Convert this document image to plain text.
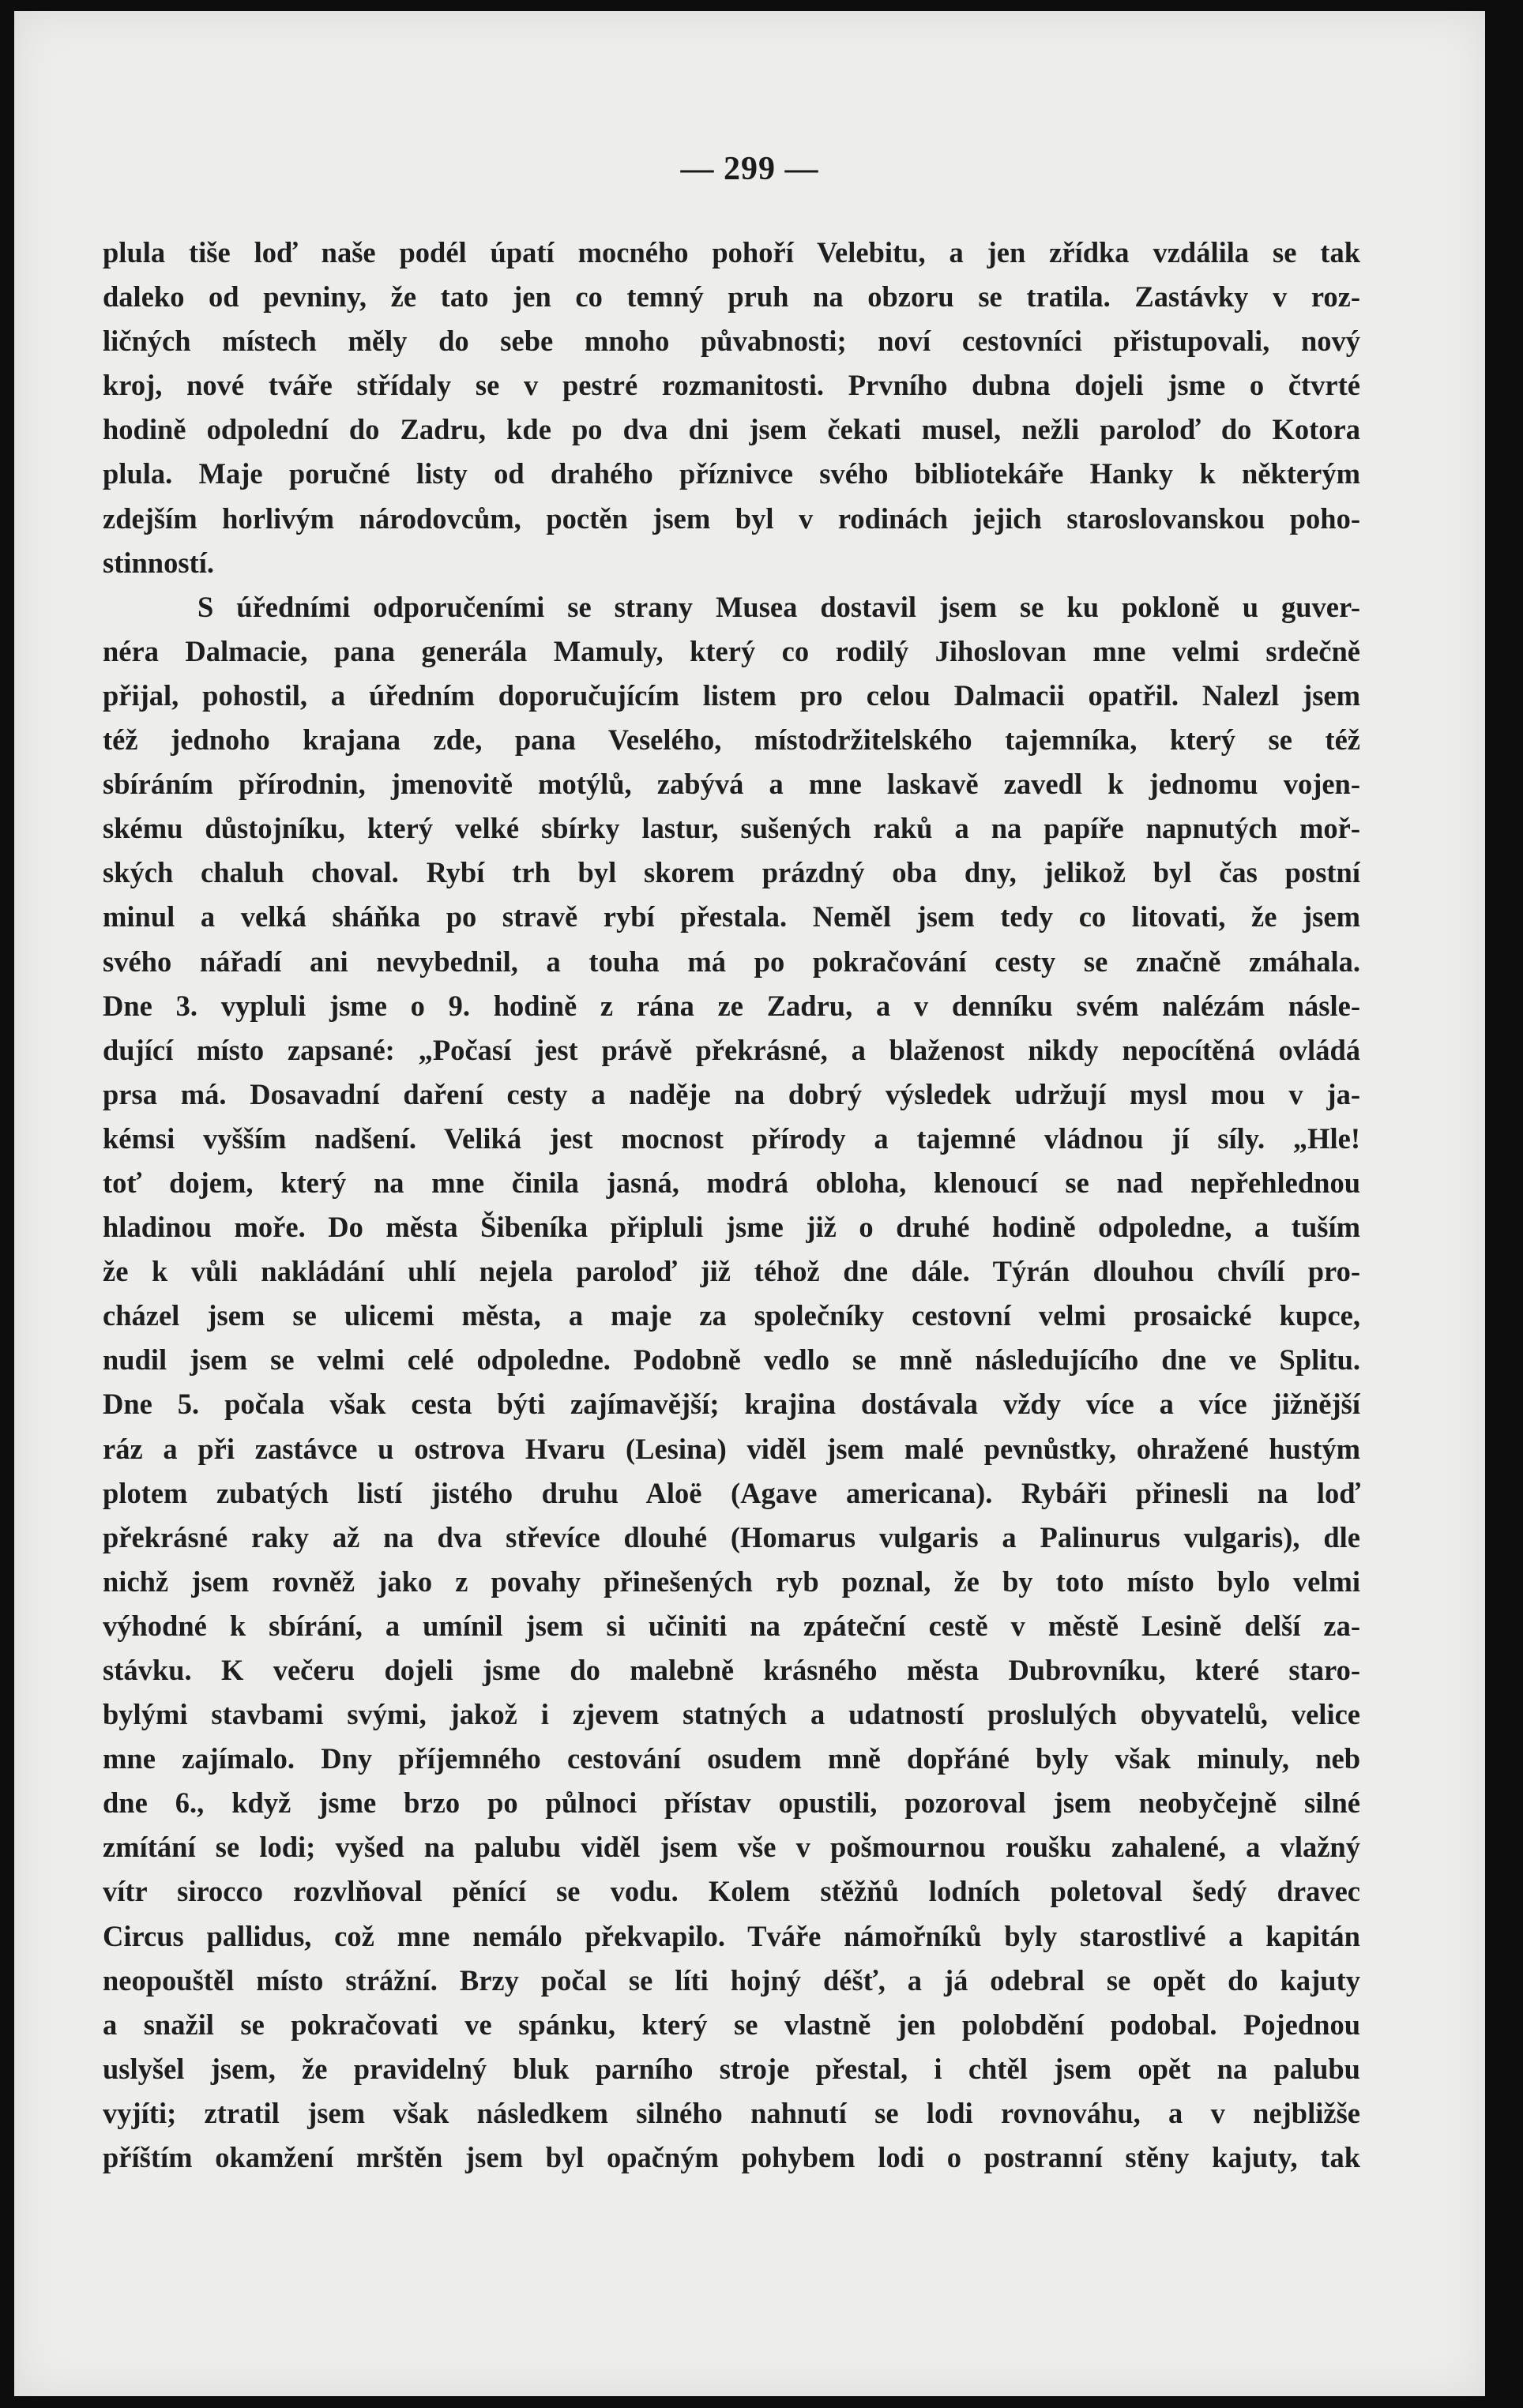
— 299 —
plula tiše loď naše podél úpatí mocného pohoří Velebitu, a jen zřídka vzdálila se tak
daleko od pevniny, že tato jen co temný pruh na obzoru se tratila. Zastávky v roz-
ličných místech měly do sebe mnoho půvabnosti; noví cestovníci přistupovali, nový
kroj, nové tváře střídaly se v pestré rozmanitosti. Prvního dubna dojeli jsme o čtvrté
hodině odpolední do Zadru, kde po dva dni jsem čekati musel, nežli paroloď do Kotora
plula. Maje poručné listy od drahého příznivce svého bibliotekáře Hanky k některým
zdejším horlivým národovcům, poctěn jsem byl v rodinách jejich staroslovanskou poho-
stinností.
S úředními odporučeními se strany Musea dostavil jsem se ku pokloně u guver-
néra Dalmacie, pana generála Mamuly, který co rodilý Jihoslovan mne velmi srdečně
přijal, pohostil, a úředním doporučujícím listem pro celou Dalmacii opatřil. Nalezl jsem
též jednoho krajana zde, pana Veselého, místodržitelského tajemníka, který se též
sbíráním přírodnin, jmenovitě motýlů, zabývá a mne laskavě zavedl k jednomu vojen-
skému důstojníku, který velké sbírky lastur, sušených raků a na papíře napnutých moř-
ských chaluh choval. Rybí trh byl skorem prázdný oba dny, jelikož byl čas postní
minul a velká sháňka po stravě rybí přestala. Neměl jsem tedy co litovati, že jsem
svého nářadí ani nevybednil, a touha má po pokračování cesty se značně zmáhala.
Dne 3. vypluli jsme o 9. hodině z rána ze Zadru, a v denníku svém nalézám násle-
dující místo zapsané: „Počasí jest právě překrásné, a blaženost nikdy nepocítěná ovládá
prsa má. Dosavadní daření cesty a naděje na dobrý výsledek udržují mysl mou v ja-
kémsi vyšším nadšení. Veliká jest mocnost přírody a tajemné vládnou jí síly. „Hle!
toť dojem, který na mne činila jasná, modrá obloha, klenoucí se nad nepřehlednou
hladinou moře. Do města Šibeníka připluli jsme již o druhé hodině odpoledne, a tuším
že k vůli nakládání uhlí nejela paroloď již téhož dne dále. Týrán dlouhou chvílí pro-
cházel jsem se ulicemi města, a maje za společníky cestovní velmi prosaické kupce,
nudil jsem se velmi celé odpoledne. Podobně vedlo se mně následujícího dne ve Splitu.
Dne 5. počala však cesta býti zajímavější; krajina dostávala vždy více a více jižnější
ráz a při zastávce u ostrova Hvaru (Lesina) viděl jsem malé pevnůstky, ohražené hustým
plotem zubatých listí jistého druhu Aloë (Agave americana). Rybáři přinesli na loď
překrásné raky až na dva střevíce dlouhé (Homarus vulgaris a Palinurus vulgaris), dle
nichž jsem rovněž jako z povahy přinešených ryb poznal, že by toto místo bylo velmi
výhodné k sbírání, a umínil jsem si učiniti na zpáteční cestě v městě Lesině delší za-
stávku. K večeru dojeli jsme do malebně krásného města Dubrovníku, které staro-
bylými stavbami svými, jakož i zjevem statných a udatností proslulých obyvatelů, velice
mne zajímalo. Dny příjemného cestování osudem mně dopřáné byly však minuly, neb
dne 6., když jsme brzo po půlnoci přístav opustili, pozoroval jsem neobyčejně silné
zmítání se lodi; vyšed na palubu viděl jsem vše v pošmournou roušku zahalené, a vlažný
vítr sirocco rozvlňoval pěnící se vodu. Kolem stěžňů lodních poletoval šedý dravec
Circus pallidus, což mne nemálo překvapilo. Tváře námořníků byly starostlivé a kapitán
neopouštěl místo strážní. Brzy počal se líti hojný déšť, a já odebral se opět do kajuty
a snažil se pokračovati ve spánku, který se vlastně jen polobdění podobal. Pojednou
uslyšel jsem, že pravidelný bluk parního stroje přestal, i chtěl jsem opět na palubu
vyjíti; ztratil jsem však následkem silného nahnutí se lodi rovnováhu, a v nejbližše
příštím okamžení mrštěn jsem byl opačným pohybem lodi o postranní stěny kajuty, tak
